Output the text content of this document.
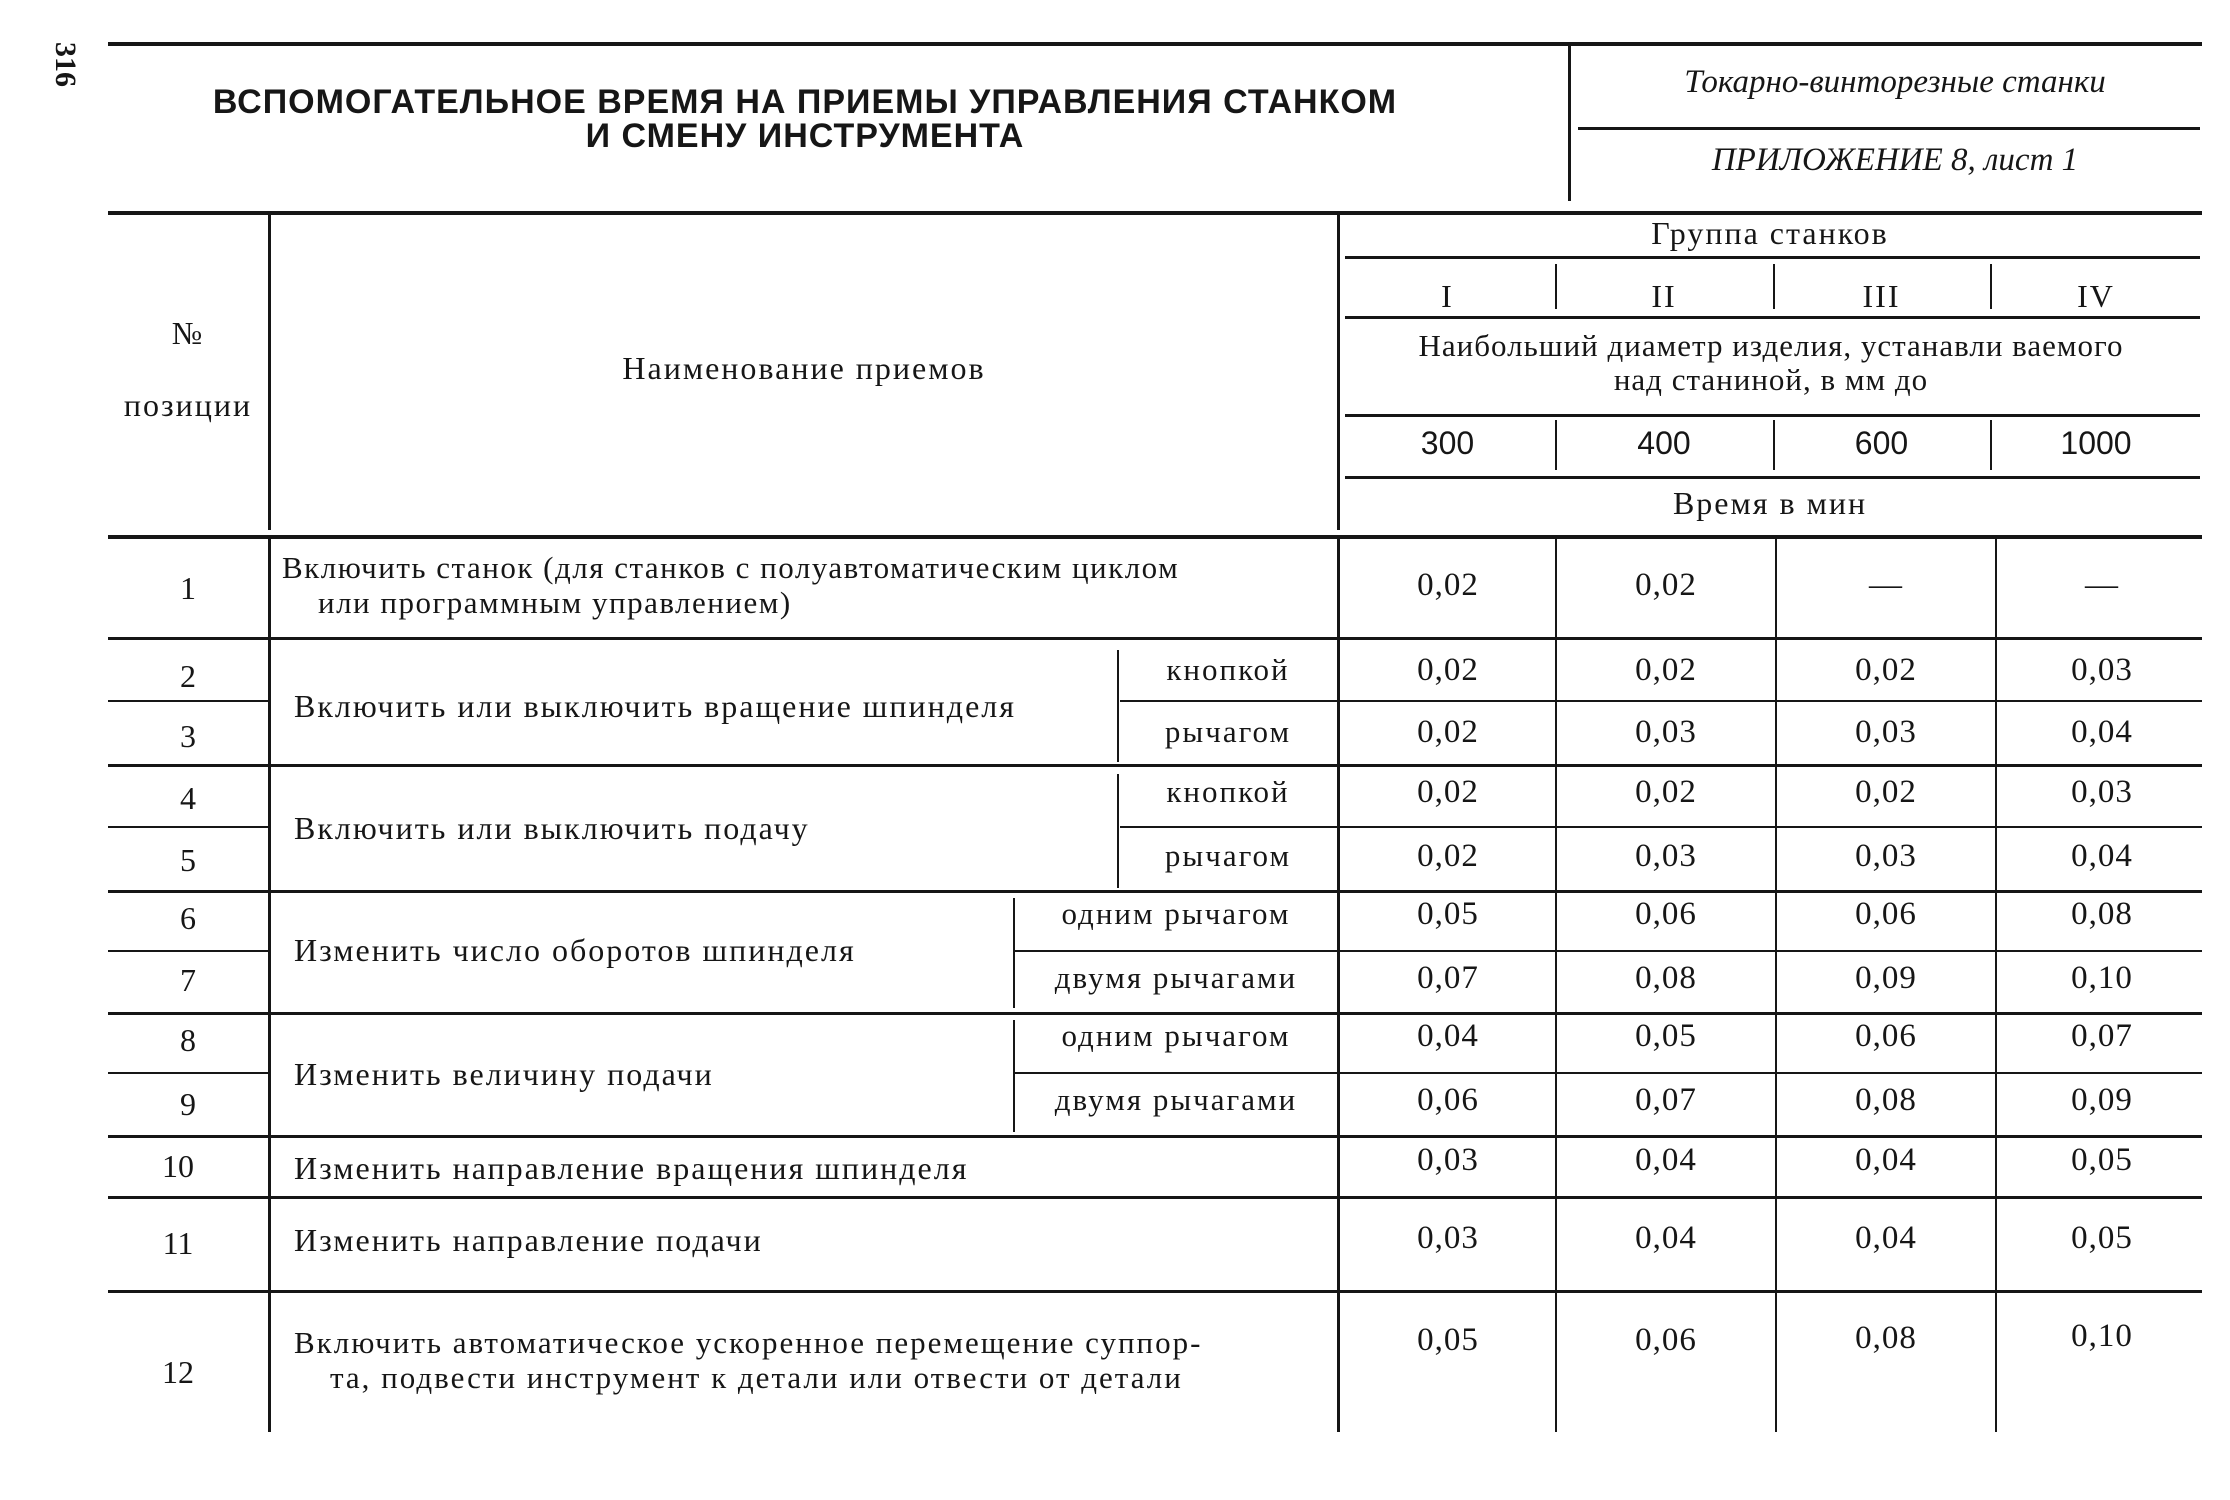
316
ВСПОМОГАТЕЛЬНОЕ ВРЕМЯ НА ПРИЕМЫ УПРАВЛЕНИЯ СТАНКОМ
И СМЕНУ ИНСТРУМЕНТА
Токарно-винторезные станки
ПРИЛОЖЕНИЕ 8, лист 1
№
позиции
Наименование приемов
Группа станков
I	II	III	IV
Наибольший диаметр изделия, устанавли ваемого
над станиной, в мм до
300	400	600	1000
Время в мин
1
Включить станок (для станков с полуавтоматическим циклом
или программным управлением)	0,02	0,02	—	—
Включить или выключить вращение шпинделя
2	кнопкой	0,02	0,02	0,02	0,03
3	рычагом	0,02	0,03	0,03	0,04
Включить или выключить подачу
4	кнопкой	0,02	0,02	0,02	0,03
5	рычагом	0,02	0,03	0,03	0,04
Изменить число оборотов шпинделя
6	одним рычагом	0,05	0,06	0,06	0,08
7	двумя рычагами	0,07	0,08	0,09	0,10
Изменить величину подачи
8	одним рычагом	0,04	0,05	0,06	0,07
9	двумя рычагами	0,06	0,07	0,08	0,09
10	Изменить направление вращения шпинделя	0,03	0,04	0,04	0,05
11	Изменить направление подачи	0,03	0,04	0,04	0,05
12
Включить автоматическое ускоренное перемещение суппор-
та, подвести инструмент к детали или отвести от детали
0,05	0,06	0,08	0,10
